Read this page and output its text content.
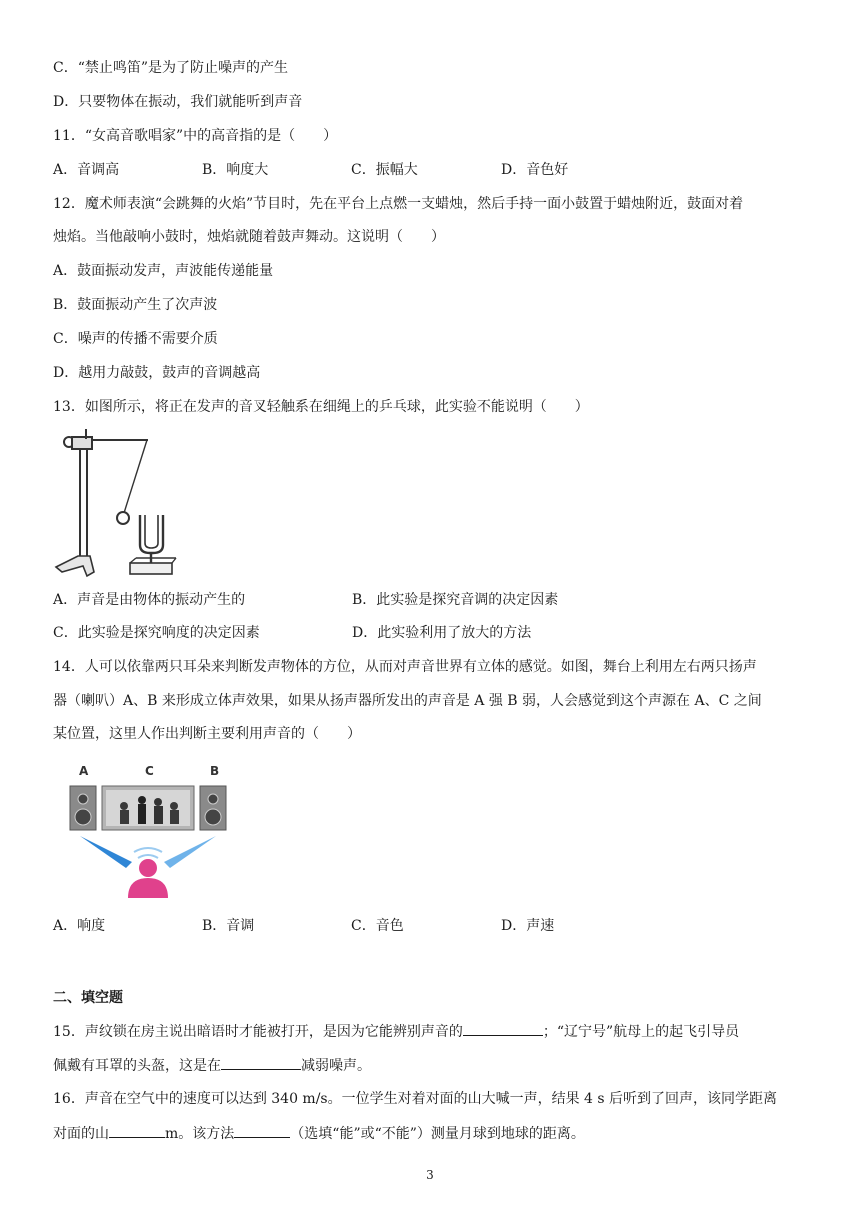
C．“禁止鸣笛”是为了防止噪声的产生
D．只要物体在振动，我们就能听到声音
11．“女高音歌唱家”中的高音指的是（　　）
A．音调高	B．响度大	C．振幅大	D．音色好
12．魔术师表演“会跳舞的火焰”节目时，先在平台上点燃一支蜡烛，然后手持一面小鼓置于蜡烛附近，鼓面对着
烛焰。当他敲响小鼓时，烛焰就随着鼓声舞动。这说明（　　）
A．鼓面振动发声，声波能传递能量
B．鼓面振动产生了次声波
C．噪声的传播不需要介质
D．越用力敲鼓，鼓声的音调越高
13．如图所示，将正在发声的音叉轻触系在细绳上的乒乓球，此实验不能说明（　　）
A．声音是由物体的振动产生的	B．此实验是探究音调的决定因素
C．此实验是探究响度的决定因素	D．此实验利用了放大的方法
14．人可以依靠两只耳朵来判断发声物体的方位，从而对声音世界有立体的感觉。如图，舞台上利用左右两只扬声
器（喇叭）A、B 来形成立体声效果，如果从扬声器所发出的声音是 A 强 B 弱，人会感觉到这个声源在 A、C 之间
某位置，这里人作出判断主要利用声音的（　　）
A	C	B
A．响度	B．音调	C．音色	D．声速
二、填空题
15．声纹锁在房主说出暗语时才能被打开，是因为它能辨别声音的	；“辽宁号”航母上的起飞引导员
佩戴有耳罩的头盔，这是在	减弱噪声。
16．声音在空气中的速度可以达到 340 m/s。一位学生对着对面的山大喊一声，结果 4 s 后听到了回声，该同学距离
对面的山	m。该方法	（选填“能”或“不能”）测量月球到地球的距离。
3
